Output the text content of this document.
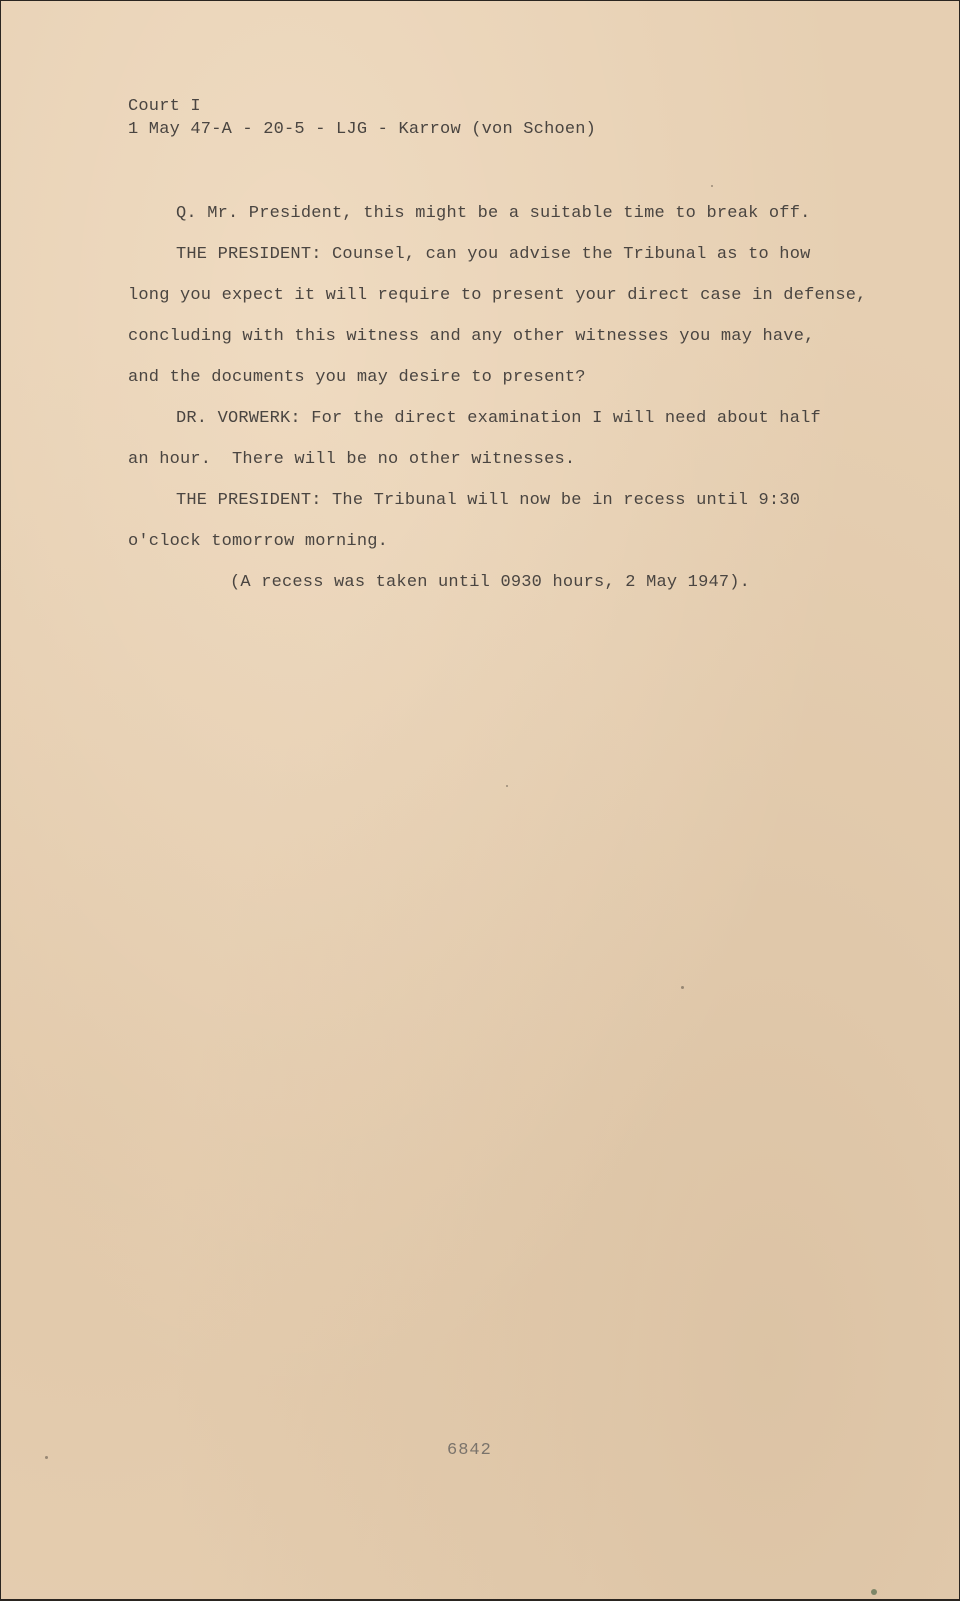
Court I
1 May 47-A - 20-5 - LJG - Karrow (von Schoen)
Q. Mr. President, this might be a suitable time to break off.
THE PRESIDENT: Counsel, can you advise the Tribunal as to how
long you expect it will require to present your direct case in defense,
concluding with this witness and any other witnesses you may have,
and the documents you may desire to present?
DR. VORWERK: For the direct examination I will need about half
an hour.  There will be no other witnesses.
THE PRESIDENT: The Tribunal will now be in recess until 9:30
o'clock tomorrow morning.
(A recess was taken until 0930 hours, 2 May 1947).
6842
